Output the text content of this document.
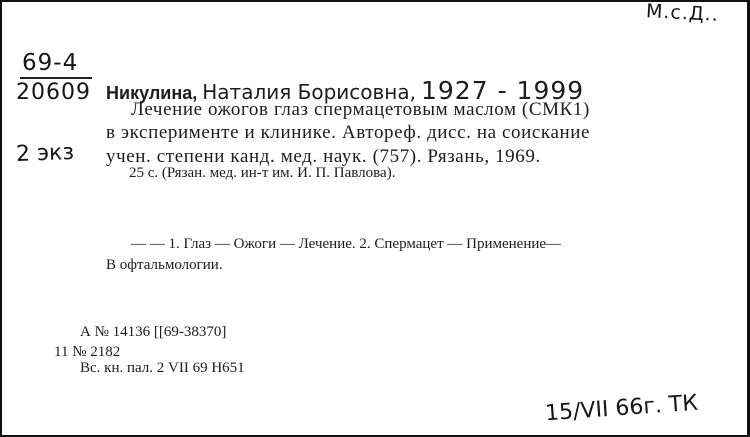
М.с.Д..
69-4
20609
2 экз
Никулина, Наталия Борисовна, 1927 - 1999
Лечение ожогов глаз спермацетовым маслом (СМК1)
в эксперименте и клинике. Автореф. дисс. на соискание
учен. степени канд. мед. наук. (757). Рязань, 1969.
25 с. (Рязан. мед. ин-т им. И. П. Павлова).
— — 1. Глаз — Ожоги — Лечение. 2. Спермацет — Применение—
В офтальмологии.
А № 14136 [[69-38370]
11 № 2182
Вс. кн. пал. 2 VII 69 Н651
15/VII 66г. ТК
